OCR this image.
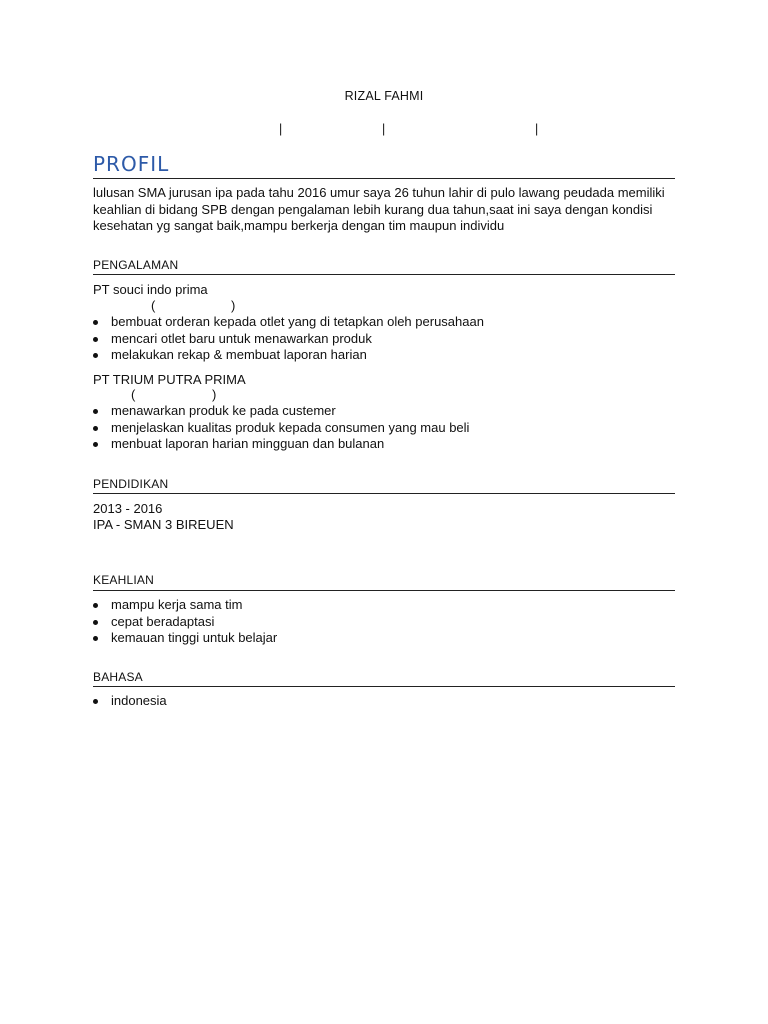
RIZAL FAHMI
|	|	|
PROFIL
lulusan SMA jurusan ipa pada tahu 2016 umur saya 26 tuhun lahir di pulo lawang peudada memiliki keahlian di bidang SPB dengan pengalaman lebih kurang dua tahun,saat ini saya dengan kondisi kesehatan yg sangat baik,mampu berkerja dengan tim maupun individu
PENGALAMAN
PT souci indo prima
(	)
bembuat orderan kepada otlet yang di tetapkan oleh perusahaan
mencari otlet baru untuk menawarkan produk
melakukan rekap & membuat laporan harian
PT TRIUM PUTRA PRIMA
(	)
menawarkan produk ke pada custemer
menjelaskan kualitas produk kepada consumen yang mau beli
menbuat laporan harian mingguan dan bulanan
PENDIDIKAN
2013 - 2016
IPA - SMAN 3 BIREUEN
KEAHLIAN
mampu kerja sama tim
cepat beradaptasi
kemauan tinggi untuk belajar
BAHASA
indonesia
